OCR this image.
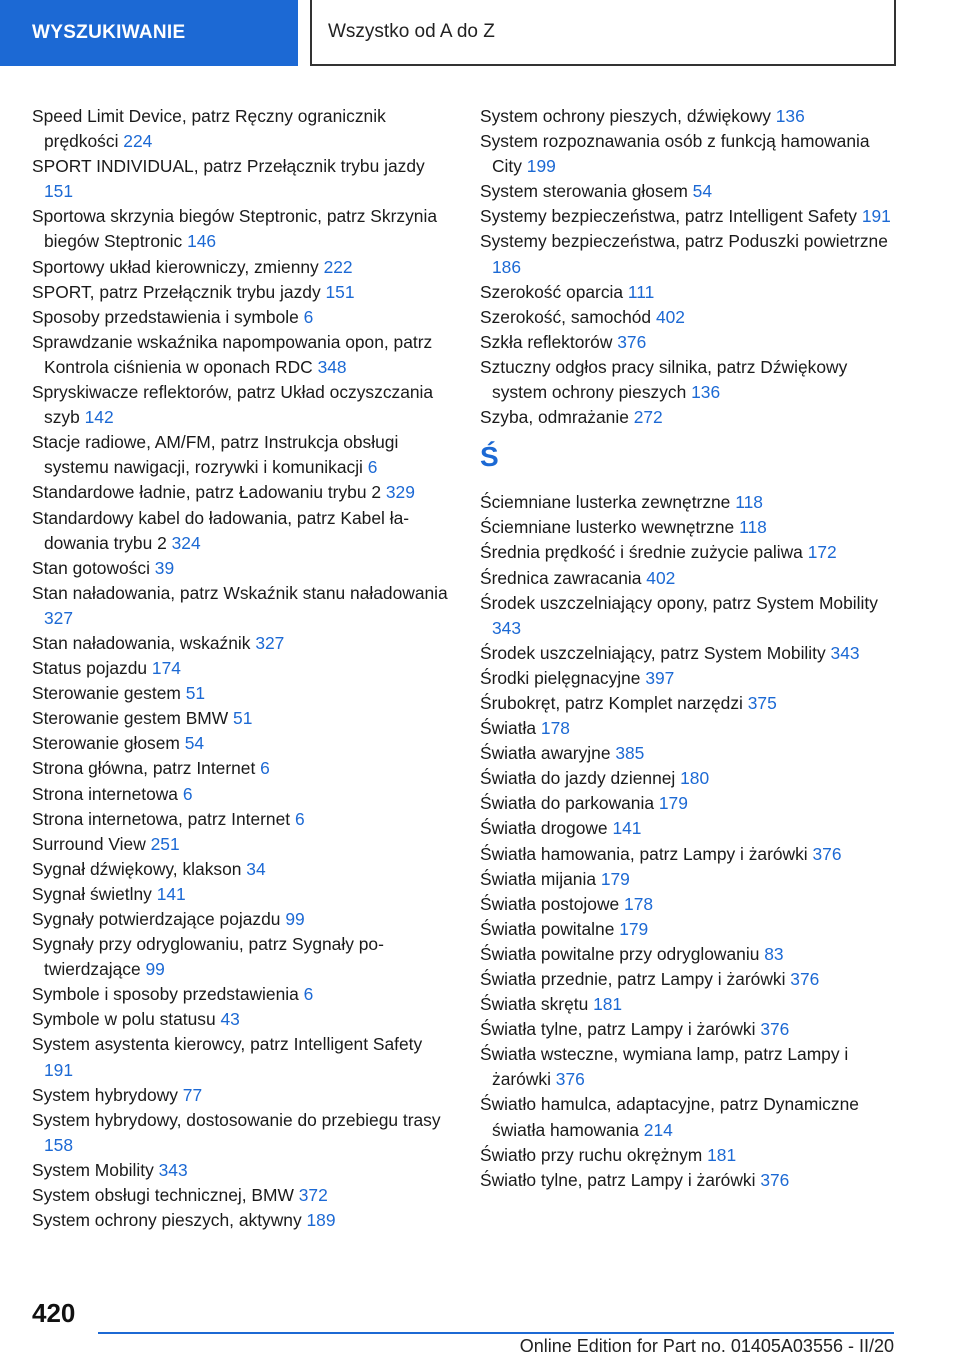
WYSZUKIWANIE	Wszystko od A do Z
Speed Limit Device, patrz Ręczny ogranicznik prędkości 224
SPORT INDIVIDUAL, patrz Przełącznik trybu jazdy 151
Sportowa skrzynia biegów Steptronic, patrz Skrzynia biegów Steptronic 146
Sportowy układ kierowniczy, zmienny 222
SPORT, patrz Przełącznik trybu jazdy 151
Sposoby przedstawienia i symbole 6
Sprawdzanie wskaźnika napompowania opon, patrz Kontrola ciśnienia w oponach RDC 348
Spryskiwacze reflektorów, patrz Układ oczyszczania szyb 142
Stacje radiowe, AM/FM, patrz Instrukcja obsługi systemu nawigacji, rozrywki i komunikacji 6
Standardowe ładnie, patrz Ładowaniu trybu 2 329
Standardowy kabel do ładowania, patrz Kabel ładowania trybu 2 324
Stan gotowości 39
Stan naładowania, patrz Wskaźnik stanu naładowania 327
Stan naładowania, wskaźnik 327
Status pojazdu 174
Sterowanie gestem 51
Sterowanie gestem BMW 51
Sterowanie głosem 54
Strona główna, patrz Internet 6
Strona internetowa 6
Strona internetowa, patrz Internet 6
Surround View 251
Sygnał dźwiękowy, klakson 34
Sygnał świetlny 141
Sygnały potwierdzające pojazdu 99
Sygnały przy odryglowaniu, patrz Sygnały potwierdzające 99
Symbole i sposoby przedstawienia 6
Symbole w polu statusu 43
System asystenta kierowcy, patrz Intelligent Safety 191
System hybrydowy 77
System hybrydowy, dostosowanie do przebiegu trasy 158
System Mobility 343
System obsługi technicznej, BMW 372
System ochrony pieszych, aktywny 189
System ochrony pieszych, dźwiękowy 136
System rozpoznawania osób z funkcją hamowania City 199
System sterowania głosem 54
Systemy bezpieczeństwa, patrz Intelligent Safety 191
Systemy bezpieczeństwa, patrz Poduszki powietrzne 186
Szerokość oparcia 111
Szerokość, samochód 402
Szkła reflektorów 376
Sztuczny odgłos pracy silnika, patrz Dźwiękowy system ochrony pieszych 136
Szyba, odmrażanie 272
Ś
Ściemniane lusterka zewnętrzne 118
Ściemniane lusterko wewnętrzne 118
Średnia prędkość i średnie zużycie paliwa 172
Średnica zawracania 402
Środek uszczelniający opony, patrz System Mobility 343
Środek uszczelniający, patrz System Mobility 343
Środki pielęgnacyjne 397
Śrubokręt, patrz Komplet narzędzi 375
Światła 178
Światła awaryjne 385
Światła do jazdy dziennej 180
Światła do parkowania 179
Światła drogowe 141
Światła hamowania, patrz Lampy i żarówki 376
Światła mijania 179
Światła postojowe 178
Światła powitalne 179
Światła powitalne przy odryglowaniu 83
Światła przednie, patrz Lampy i żarówki 376
Światła skrętu 181
Światła tylne, patrz Lampy i żarówki 376
Światła wsteczne, wymiana lamp, patrz Lampy i żarówki 376
Światło hamulca, adaptacyjne, patrz Dynamiczne światła hamowania 214
Światło przy ruchu okrężnym 181
Światło tylne, patrz Lampy i żarówki 376
420
Online Edition for Part no. 01405A03556 - II/20
